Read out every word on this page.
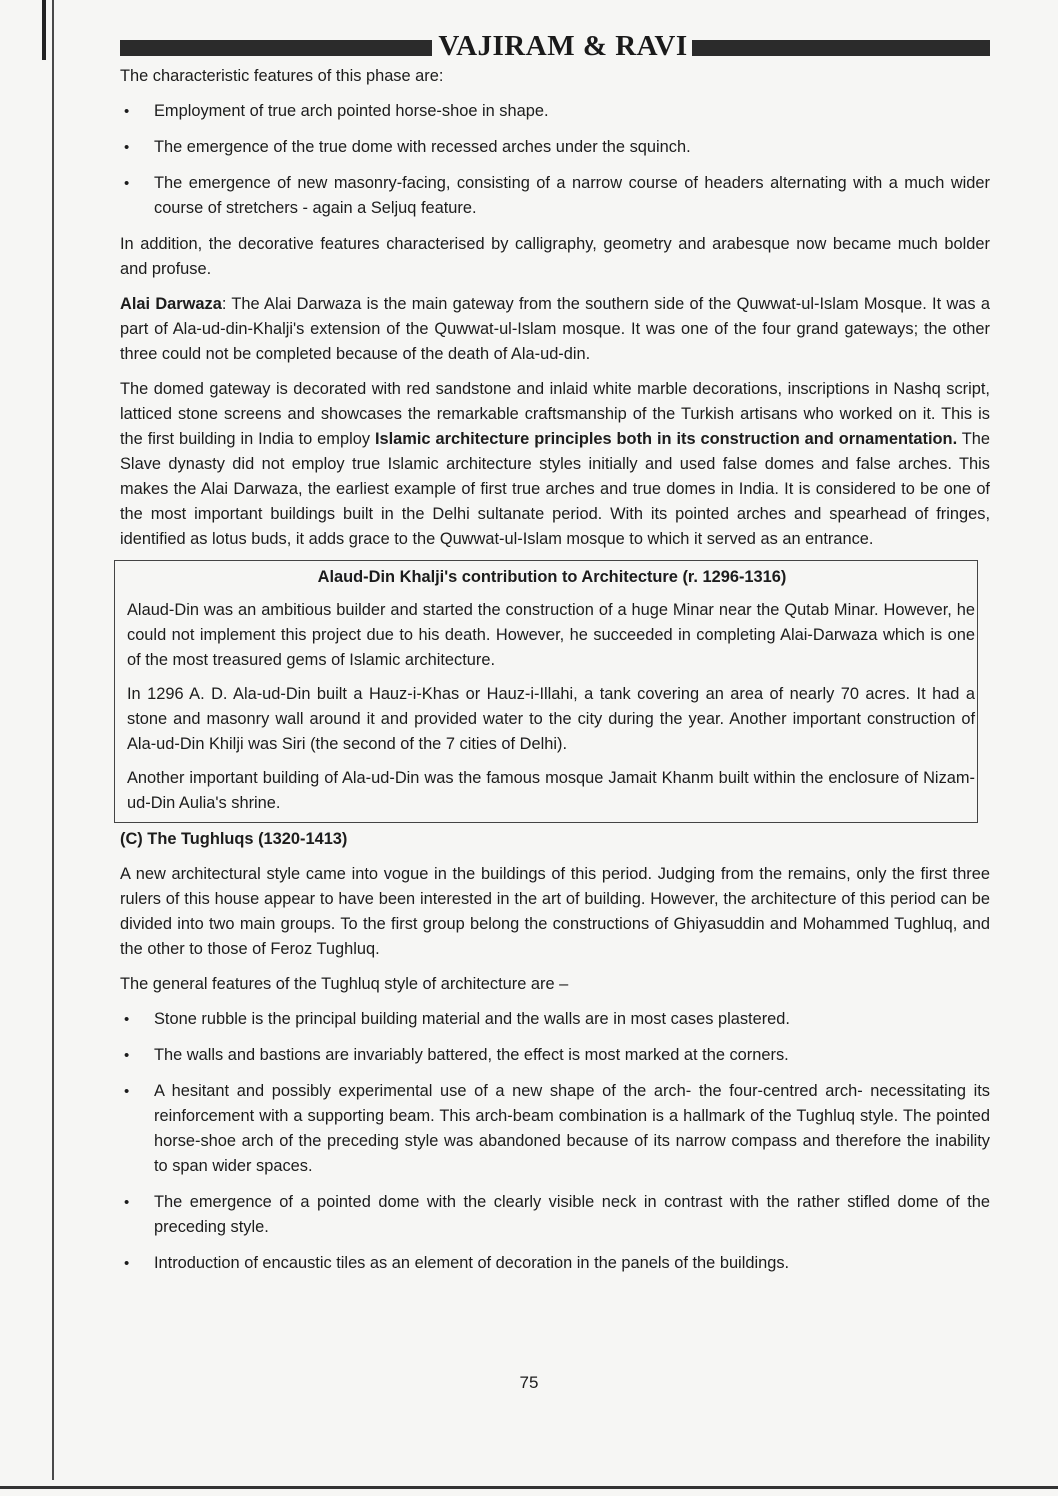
VAJIRAM & RAVI

The characteristic features of this phase are:

• Employment of true arch pointed horse-shoe in shape.
• The emergence of the true dome with recessed arches under the squinch.
• The emergence of new masonry-facing, consisting of a narrow course of headers alternating with a much wider course of stretchers - again a Seljuq feature.

In addition, the decorative features characterised by calligraphy, geometry and arabesque now became much bolder and profuse.

Alai Darwaza: The Alai Darwaza is the main gateway from the southern side of the Quwwat-ul-Islam Mosque. It was a part of Ala-ud-din-Khalji's extension of the Quwwat-ul-Islam mosque. It was one of the four grand gateways; the other three could not be completed because of the death of Ala-ud-din.

The domed gateway is decorated with red sandstone and inlaid white marble decorations, inscriptions in Nashq script, latticed stone screens and showcases the remarkable craftsmanship of the Turkish artisans who worked on it. This is the first building in India to employ Islamic architecture principles both in its construction and ornamentation. The Slave dynasty did not employ true Islamic architecture styles initially and used false domes and false arches. This makes the Alai Darwaza, the earliest example of first true arches and true domes in India. It is considered to be one of the most important buildings built in the Delhi sultanate period. With its pointed arches and spearhead of fringes, identified as lotus buds, it adds grace to the Quwwat-ul-Islam mosque to which it served as an entrance.

Alaud-Din Khalji's contribution to Architecture (r. 1296-1316)

Alaud-Din was an ambitious builder and started the construction of a huge Minar near the Qutab Minar. However, he could not implement this project due to his death. However, he succeeded in completing Alai-Darwaza which is one of the most treasured gems of Islamic architecture.

In 1296 A. D. Ala-ud-Din built a Hauz-i-Khas or Hauz-i-Illahi, a tank covering an area of nearly 70 acres. It had a stone and masonry wall around it and provided water to the city during the year. Another important construction of Ala-ud-Din Khilji was Siri (the second of the 7 cities of Delhi).

Another important building of Ala-ud-Din was the famous mosque Jamait Khanm built within the enclosure of Nizam-ud-Din Aulia's shrine.

(C) The Tughluqs (1320-1413)

A new architectural style came into vogue in the buildings of this period. Judging from the remains, only the first three rulers of this house appear to have been interested in the art of building. However, the architecture of this period can be divided into two main groups. To the first group belong the constructions of Ghiyasuddin and Mohammed Tughluq, and the other to those of Feroz Tughluq.

The general features of the Tughluq style of architecture are –

• Stone rubble is the principal building material and the walls are in most cases plastered.
• The walls and bastions are invariably battered, the effect is most marked at the corners.
• A hesitant and possibly experimental use of a new shape of the arch- the four-centred arch- necessitating its reinforcement with a supporting beam. This arch-beam combination is a hallmark of the Tughluq style. The pointed horse-shoe arch of the preceding style was abandoned because of its narrow compass and therefore the inability to span wider spaces.
• The emergence of a pointed dome with the clearly visible neck in contrast with the rather stifled dome of the preceding style.
• Introduction of encaustic tiles as an element of decoration in the panels of the buildings.
75
